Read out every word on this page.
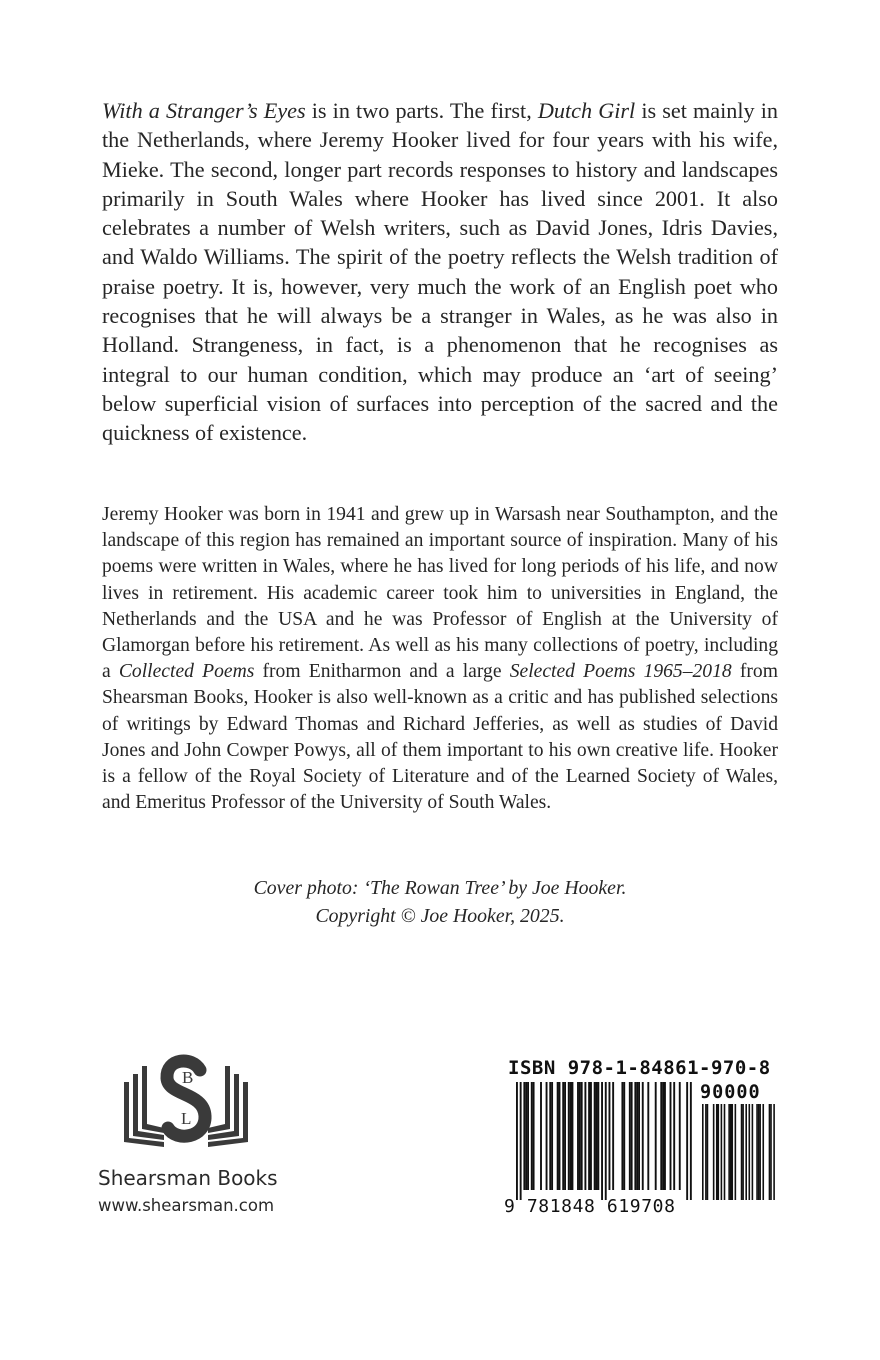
With a Stranger’s Eyes is in two parts. The first, Dutch Girl is set mainly in the Netherlands, where Jeremy Hooker lived for four years with his wife, Mieke. The second, longer part records responses to history and landscapes primarily in South Wales where Hooker has lived since 2001. It also celebrates a number of Welsh writers, such as David Jones, Idris Davies, and Waldo Williams. The spirit of the poetry reflects the Welsh tradition of praise poetry. It is, however, very much the work of an English poet who recognises that he will always be a stranger in Wales, as he was also in Holland. Strangeness, in fact, is a phenomenon that he recognises as integral to our human condition, which may produce an ‘art of seeing’ below superficial vision of surfaces into perception of the sacred and the quickness of existence.

Jeremy Hooker was born in 1941 and grew up in Warsash near Southampton, and the landscape of this region has remained an important source of inspiration. Many of his poems were written in Wales, where he has lived for long periods of his life, and now lives in retirement. His academic career took him to universities in England, the Netherlands and the USA and he was Professor of English at the University of Glamorgan before his retirement. As well as his many collections of poetry, including a Collected Poems from Enitharmon and a large Selected Poems 1965–2018 from Shearsman Books, Hooker is also well-known as a critic and has published selections of writings by Edward Thomas and Richard Jefferies, as well as studies of David Jones and John Cowper Powys, all of them important to his own creative life. Hooker is a fellow of the Royal Society of Literature and of the Learned Society of Wales, and Emeritus Professor of the University of South Wales.

Cover photo: ‘The Rowan Tree’ by Joe Hooker.
Copyright © Joe Hooker, 2025.
B
L
Shearsman Books
www.shearsman.com
ISBN 978-1-84861-970-8
90000
9 781848 619708
